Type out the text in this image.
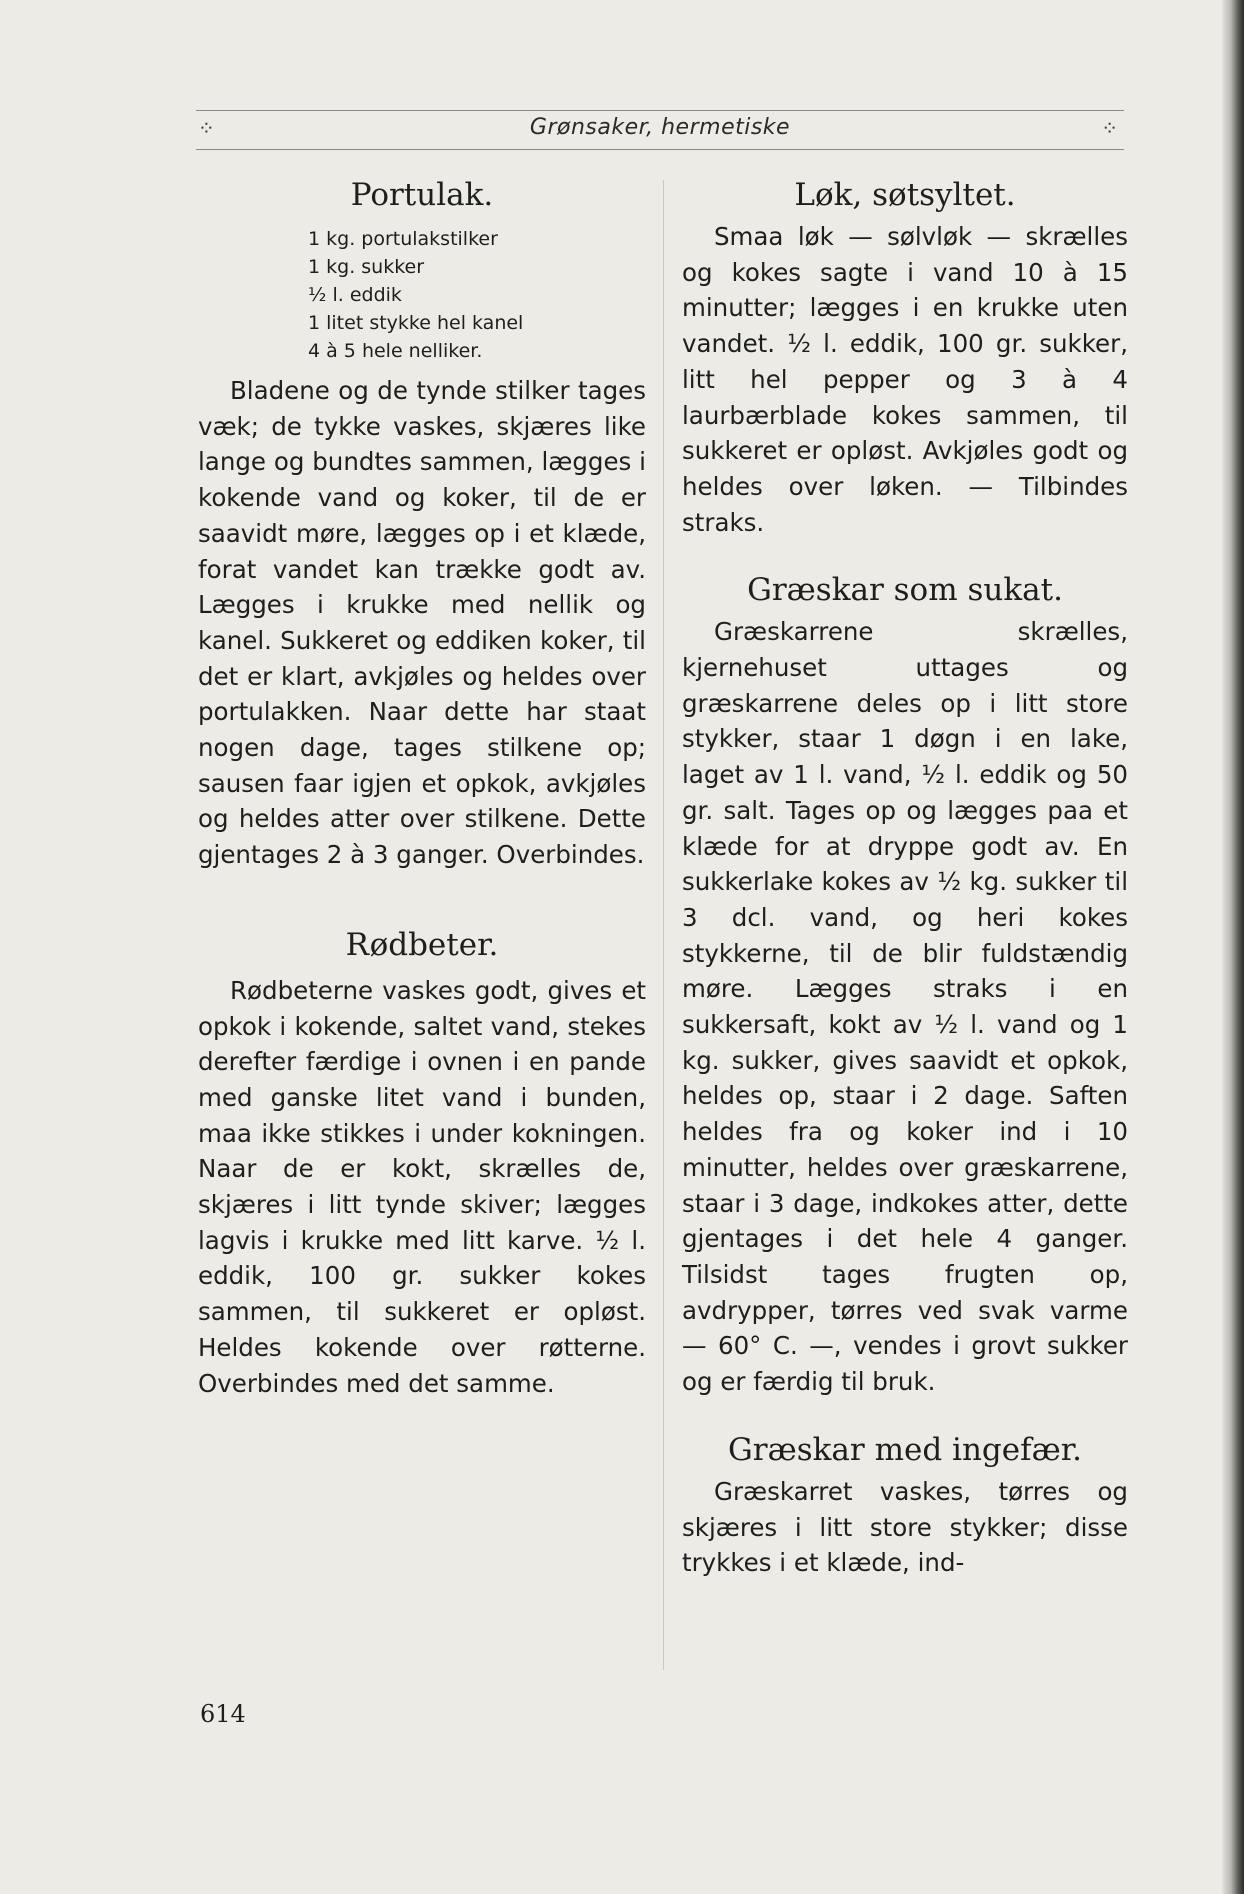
⁘	Grønsaker, hermetiske	⁘
Portulak.
1 kg. portulakstilker
1 kg. sukker
½ l. eddik
1 litet stykke hel kanel
4 à 5 hele nelliker.

Bladene og de tynde stilker tages væk; de tykke vaskes, skjæres like lange og bundtes sammen, lægges i kokende vand og koker, til de er saavidt møre, lægges op i et klæde, forat vandet kan trække godt av. Lægges i krukke med nellik og kanel. Sukkeret og eddiken koker, til det er klart, avkjøles og heldes over portulakken. Naar dette har staat nogen dage, tages stilkene op; sausen faar igjen et opkok, avkjøles og heldes atter over stilkene. Dette gjentages 2 à 3 ganger. Overbindes.

Rødbeter.

Rødbeterne vaskes godt, gives et opkok i kokende, saltet vand, stekes derefter færdige i ovnen i en pande med ganske litet vand i bunden, maa ikke stikkes i under kokningen. Naar de er kokt, skrælles de, skjæres i litt tynde skiver; lægges lagvis i krukke med litt karve. ½ l. eddik, 100 gr. sukker kokes sammen, til sukkeret er opløst. Heldes kokende over røtterne. Overbindes med det samme.

Løk, søtsyltet.

Smaa løk — sølvløk — skrælles og kokes sagte i vand 10 à 15 minutter; lægges i en krukke uten vandet. ½ l. eddik, 100 gr. sukker, litt hel pepper og 3 à 4 laurbærblade kokes sammen, til sukkeret er opløst. Avkjøles godt og heldes over løken. — Tilbindes straks.

Græskar som sukat.

Græskarrene skrælles, kjernehuset uttages og græskarrene deles op i litt store stykker, staar 1 døgn i en lake, laget av 1 l. vand, ½ l. eddik og 50 gr. salt. Tages op og lægges paa et klæde for at dryppe godt av. En sukkerlake kokes av ½ kg. sukker til 3 dcl. vand, og heri kokes stykkerne, til de blir fuldstændig møre. Lægges straks i en sukkersaft, kokt av ½ l. vand og 1 kg. sukker, gives saavidt et opkok, heldes op, staar i 2 dage. Saften heldes fra og koker ind i 10 minutter, heldes over græskarrene, staar i 3 dage, indkokes atter, dette gjentages i det hele 4 ganger. Tilsidst tages frugten op, avdrypper, tørres ved svak varme — 60° C. —, vendes i grovt sukker og er færdig til bruk.

Græskar med ingefær.

Græskarret vaskes, tørres og skjæres i litt store stykker; disse trykkes i et klæde, ind-

614
